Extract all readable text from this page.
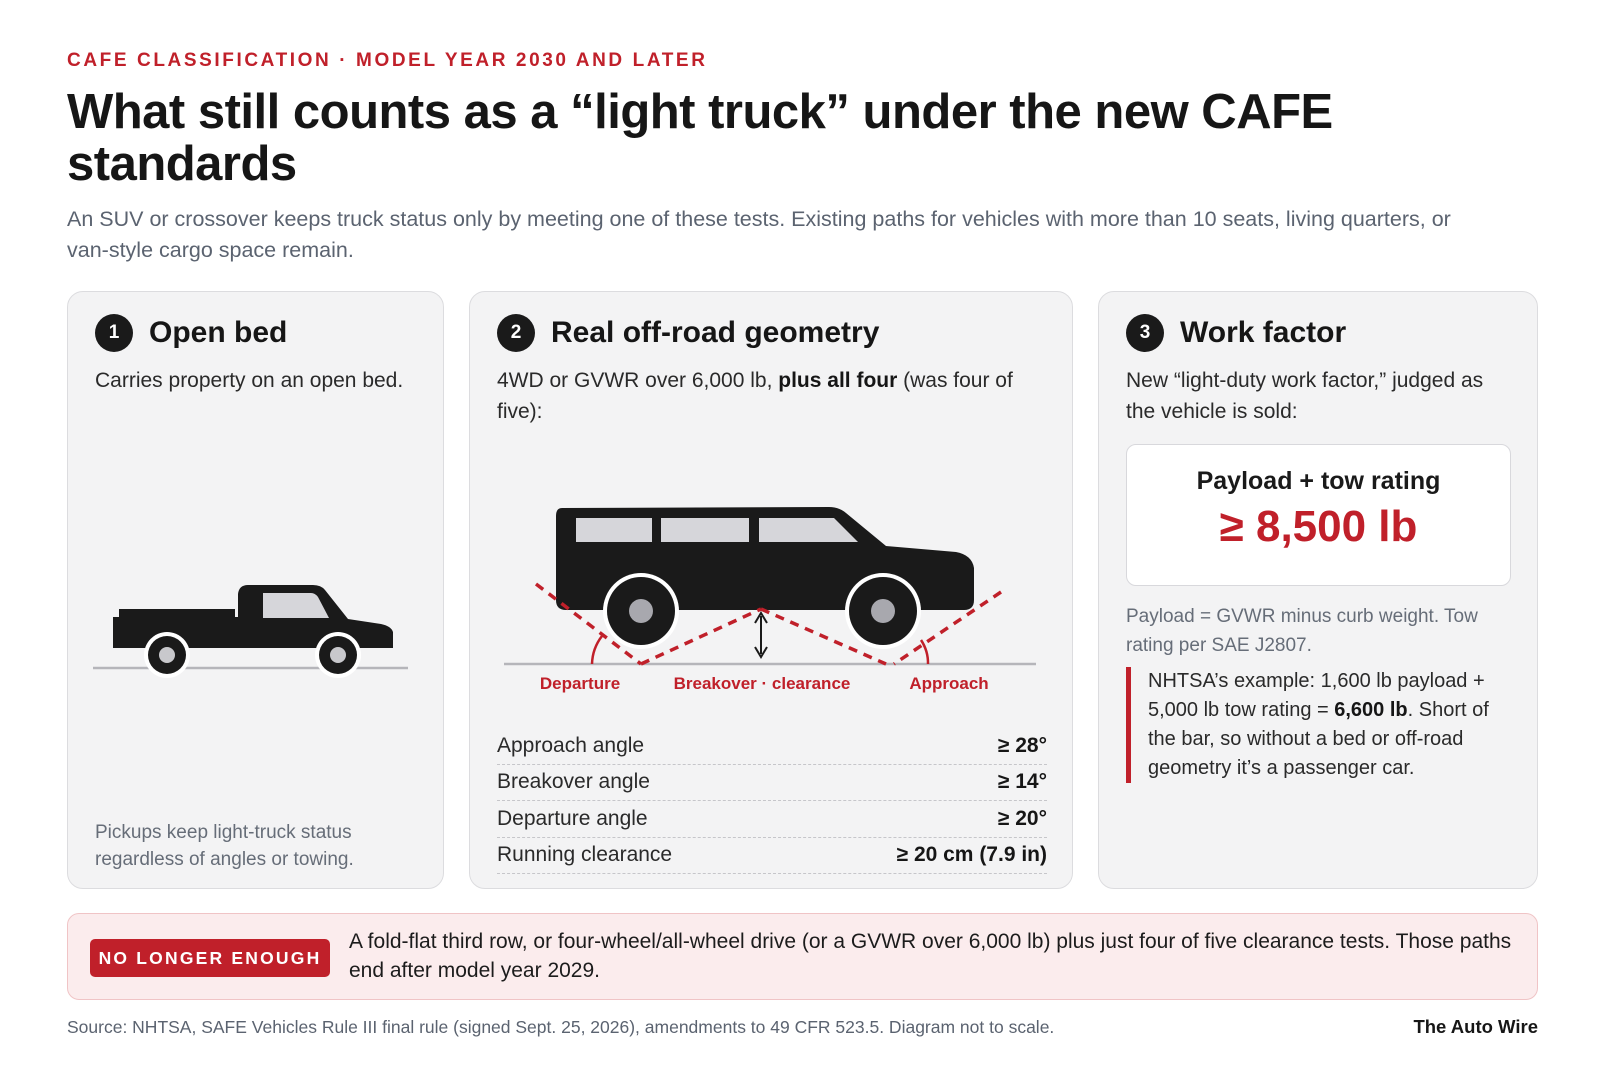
CAFE CLASSIFICATION · MODEL YEAR 2030 AND LATER
What still counts as a “light truck” under the new CAFE standards

An SUV or crossover keeps truck status only by meeting one of these tests. Existing paths for vehicles with more than 10 seats, living quarters, or van-style cargo space remain.

1 Open bed

Carries property on an open bed.

Pickups keep light-truck status regardless of angles or towing.

2 Real off-road geometry

4WD or GVWR over 6,000 lb, plus all four (was four of five):

Departure	Breakover · clearance	Approach
Approach angle	≥ 28°
Breakover angle	≥ 14°
Departure angle	≥ 20°
Running clearance	≥ 20 cm (7.9 in)
3 Work factor

New “light-duty work factor,” judged as the vehicle is sold:

Payload + tow rating
≥ 8,500 lb

Payload = GVWR minus curb weight. Tow rating per SAE J2807.

NHTSA’s example: 1,600 lb payload + 5,000 lb tow rating = 6,600 lb. Short of the bar, so without a bed or off-road geometry it’s a passenger car.

NO LONGER ENOUGH

A fold-flat third row, or four-wheel/all-wheel drive (or a GVWR over 6,000 lb) plus just four of five clearance tests. Those paths end after model year 2029.

Source: NHTSA, SAFE Vehicles Rule III final rule (signed Sept. 25, 2026), amendments to 49 CFR 523.5. Diagram not to scale.	The Auto Wire
